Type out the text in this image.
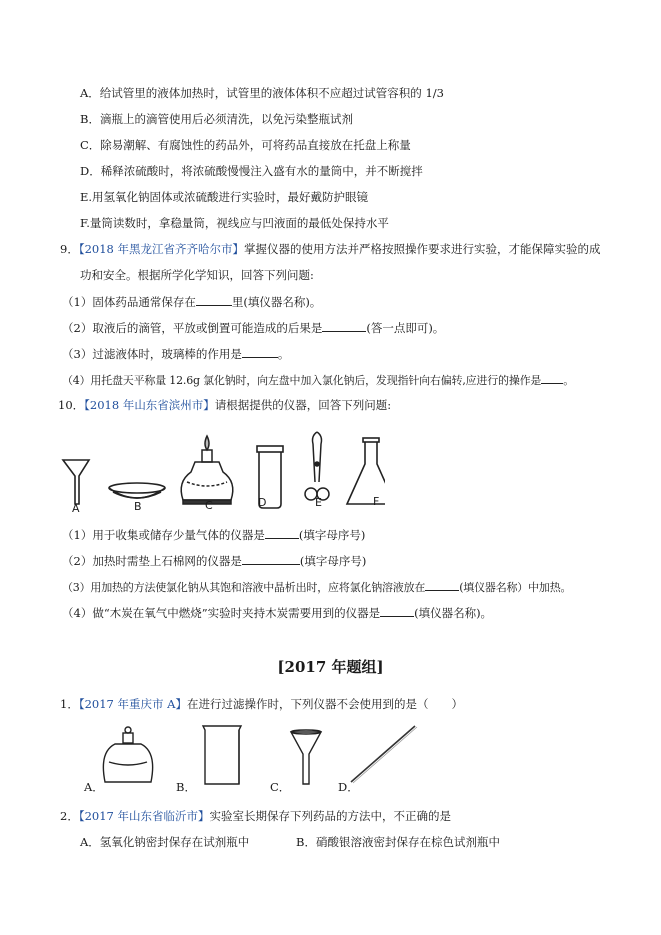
A．给试管里的液体加热时，试管里的液体体积不应超过试管容积的 1/3
B．滴瓶上的滴管使用后必须清洗，以免污染整瓶试剂
C．除易潮解、有腐蚀性的药品外，可将药品直接放在托盘上称量
D．稀释浓硫酸时，将浓硫酸慢慢注入盛有水的量筒中，并不断搅拌
E.用氢氧化钠固体或浓硫酸进行实验时，最好戴防护眼镜
F.量筒读数时，拿稳量筒，视线应与凹液面的最低处保持水平
9．【2018 年黑龙江省齐齐哈尔市】掌握仪器的使用方法并严格按照操作要求进行实验，才能保障实验的成
功和安全。根据所学化学知识，回答下列问题:
（1）固体药品通常保存在	里(填仪器名称)。
（2）取液后的滴管，平放或倒置可能造成的后果是	(答一点即可)。
（3）过滤液体时，玻璃棒的作用是	。
（4）用托盘天平称量 12.6g 氯化钠时，向左盘中加入氯化钠后，发现指针向右偏转,应进行的操作是 。
10．【2018 年山东省滨州市】请根据提供的仪器，回答下列问题:
A	B	C	D	E	F
（1）用于收集或储存少量气体的仪器是	(填字母序号)
（2）加热时需垫上石棉网的仪器是	(填字母序号)
（3）用加热的方法使氯化钠从其饱和溶液中晶析出时，应将氯化钠溶液放在	(填仪器名称）中加热。
（4）做“木炭在氧气中燃烧”实验时夹持木炭需要用到的仪器是	(填仪器名称)。
[2017 年题组]
1．【2017 年重庆市 A】在进行过滤操作时，下列仪器不会使用到的是（　　）
A．	B．	C．	D．
2．【2017 年山东省临沂市】实验室长期保存下列药品的方法中，不正确的是
A．氢氧化钠密封保存在试剂瓶中	B．硝酸银溶液密封保存在棕色试剂瓶中
